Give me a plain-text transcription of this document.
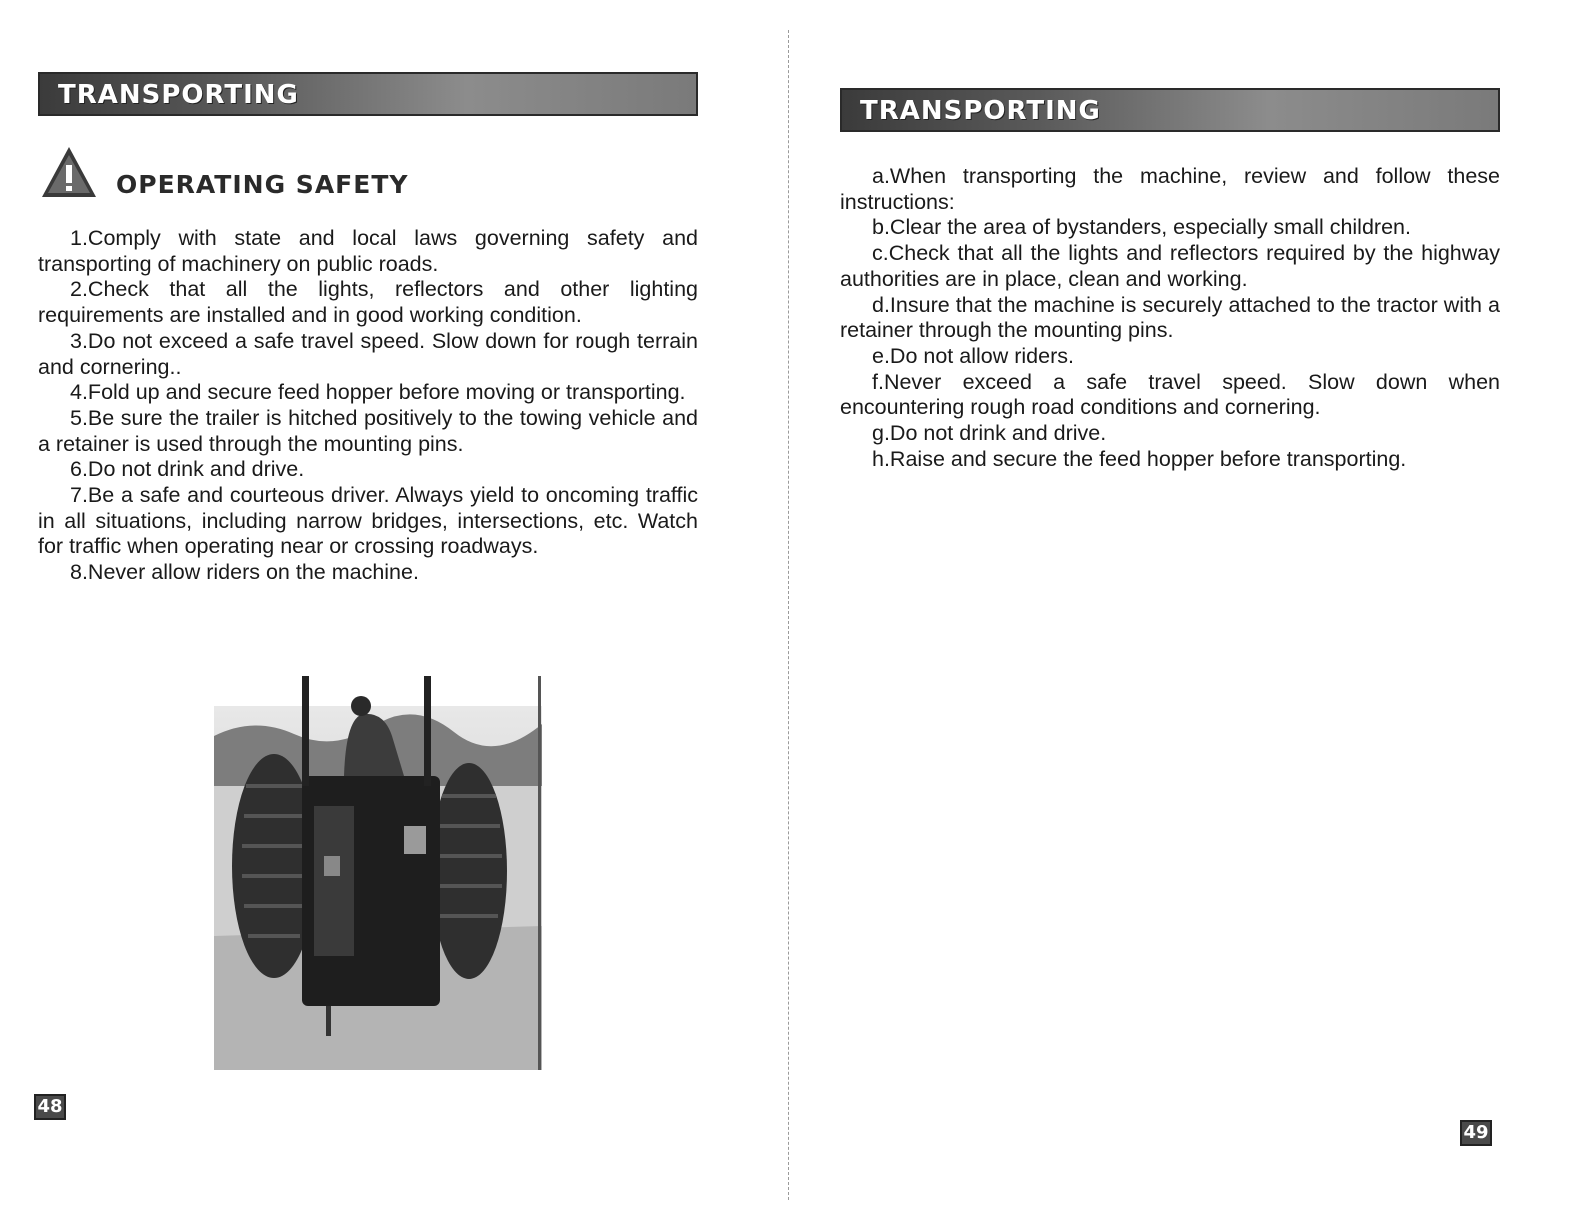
TRANSPORTING
OPERATING SAFETY

1.Comply with state and local laws governing safety and transporting of machinery on public roads.

2.Check that all the lights, reflectors and other lighting requirements are installed and in good working condition.

3.Do not exceed a safe travel speed. Slow down for rough terrain and cornering..

4.Fold up and secure feed hopper before moving or transporting.

5.Be sure the trailer is hitched positively to the towing vehicle and a retainer is used through the mounting pins.

6.Do not drink and drive.

7.Be a safe and courteous driver. Always yield to oncoming traffic in all situations, including narrow bridges, intersections, etc. Watch for traffic when operating near or crossing roadways.

8.Never allow riders on the machine.

48
TRANSPORTING

a.When transporting the machine, review and follow these instructions:

b.Clear the area of bystanders, especially small children.

c.Check that all the lights and reflectors required by the highway authorities are in place, clean and working.

d.Insure that the machine is securely attached to the tractor with a retainer through the mounting pins.

e.Do not allow riders.

f.Never exceed a safe travel speed. Slow down when encountering rough road conditions and cornering.

g.Do not drink and drive.

h.Raise and secure the feed hopper before transporting.

49
